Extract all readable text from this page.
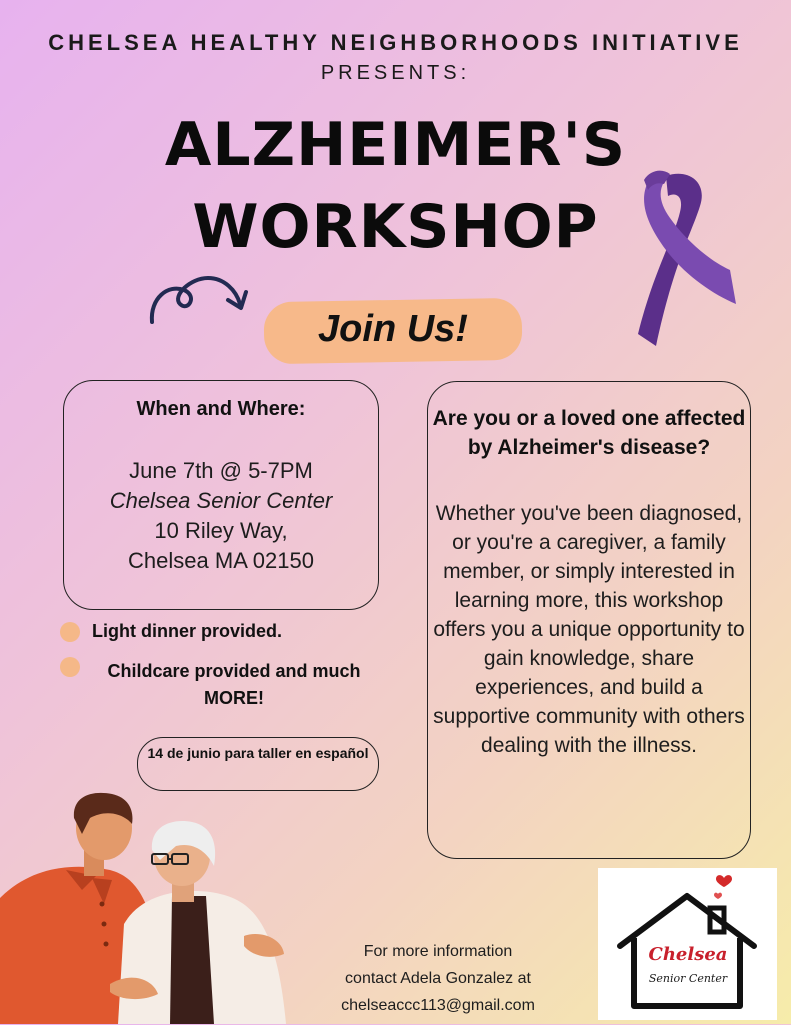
CHELSEA HEALTHY NEIGHBORHOODS INITIATIVE
PRESENTS:
ALZHEIMER'S
WORKSHOP
Join Us!
When and Where:
June 7th @ 5-7PM
Chelsea Senior Center
10 Riley Way,
Chelsea MA 02150
Light dinner provided.
Childcare provided and much MORE!
14 de junio para taller en español
Are you or a loved one affected by Alzheimer's disease?
Whether you've been diagnosed, or you're a caregiver, a family member, or simply interested in learning more, this workshop offers you a unique opportunity to gain knowledge, share experiences, and build a supportive community with others dealing with the illness.
For more information
contact Adela Gonzalez at
chelseaccc113@gmail.com
Chelsea
Senior Center
